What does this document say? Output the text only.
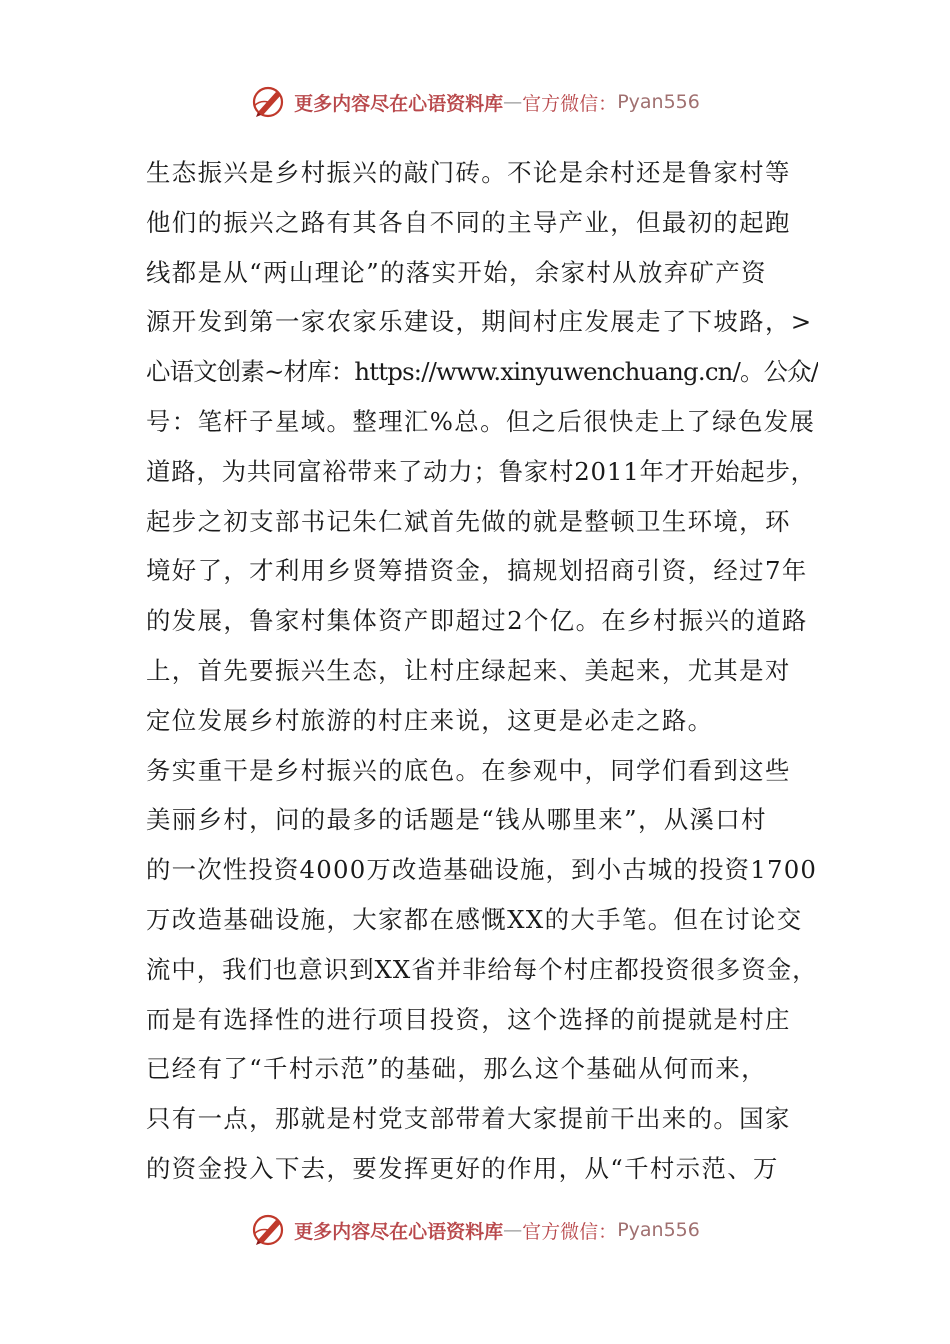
更多内容尽在心语资料库 — 官方微信： Pyan556
生态振兴是乡村振兴的敲门砖。不论是余村还是鲁家村等
他们的振兴之路有其各自不同的主导产业，但最初的起跑
线都是从“两山理论”的落实开始，余家村从放弃矿产资
源开发到第一家农家乐建设，期间村庄发展走了下坡路，>
心语文创素~材库：https://www.xinyuwenchuang.cn/。公众/
号：笔杆子星域。整理汇%总。但之后很快走上了绿色发展
道路，为共同富裕带来了动力；鲁家村2011年才开始起步，
起步之初支部书记朱仁斌首先做的就是整顿卫生环境，环
境好了，才利用乡贤筹措资金，搞规划招商引资，经过7年
的发展，鲁家村集体资产即超过2个亿。在乡村振兴的道路
上，首先要振兴生态，让村庄绿起来、美起来，尤其是对
定位发展乡村旅游的村庄来说，这更是必走之路。
务实重干是乡村振兴的底色。在参观中，同学们看到这些
美丽乡村，问的最多的话题是“钱从哪里来”，从溪口村
的一次性投资4000万改造基础设施，到小古城的投资1700
万改造基础设施，大家都在感慨XX的大手笔。但在讨论交
流中，我们也意识到XX省并非给每个村庄都投资很多资金，
而是有选择性的进行项目投资，这个选择的前提就是村庄
已经有了“千村示范”的基础，那么这个基础从何而来，
只有一点，那就是村党支部带着大家提前干出来的。国家
的资金投入下去，要发挥更好的作用，从“千村示范、万
更多内容尽在心语资料库 — 官方微信： Pyan556
